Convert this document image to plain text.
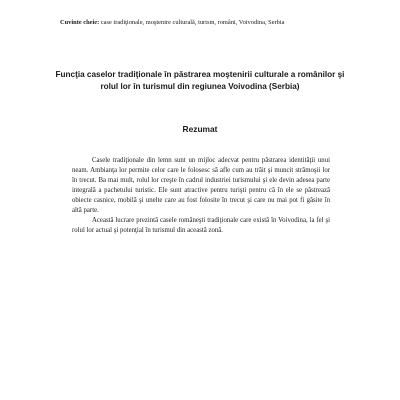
Cuvinte cheie: case tradiţionale, moştenire culturală, turism, români, Voivodina, Serbia
Funcţia caselor tradiţionale în păstrarea moştenirii culturale a românilor şi
rolul lor în turismul din regiunea Voivodina (Serbia)
Rezumat

Casele tradiţionale din lemn sunt un mijloc adecvat pentru păstrarea identităţii unui neam. Ambianţa lor permite celor care le folosesc să afle cum au trăit şi muncit strămoşii lor în trecut. Ba mai mult, rolul lor creşte în cadrul industriei turismului şi ele devin adesea parte integrală a pachetului turistic. Ele sunt atractive pentru turişti pentru că în ele se păstrează obiecte casnice, mobilă şi unelte care au fost folosite în trecut şi care nu mai pot fi găsite în altă parte.

Această lucrare prezintă casele româneşti tradiţionale care există în Voivodina, la fel şi rolul lor actual şi potenţial în turismul din această zonă.
